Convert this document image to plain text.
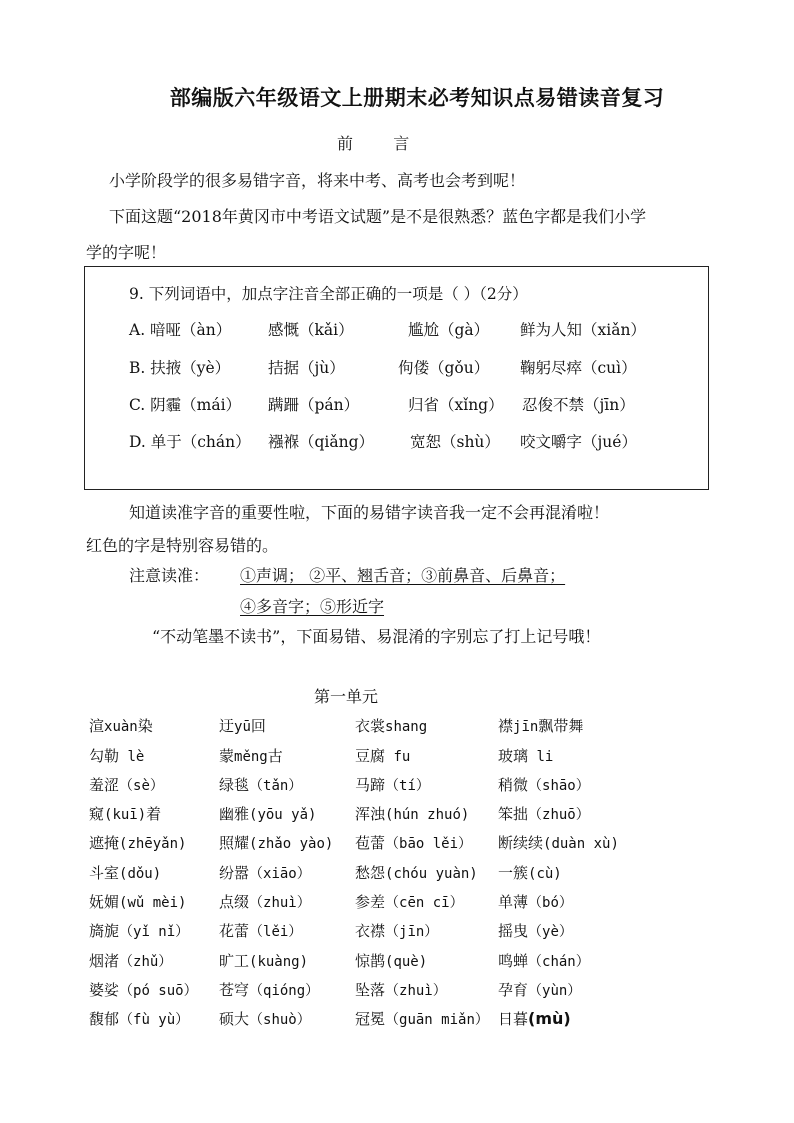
部编版六年级语文上册期末必考知识点易错读音复习
前	言
小学阶段学的很多易错字音，将来中考、高考也会考到呢！
下面这题“2018年黄冈市中考语文试题”是不是很熟悉？蓝色字都是我们小学
学的字呢！
9. 下列词语中，加点字注音全部正确的一项是（ ）（2分）
A. 喑哑（àn） 感慨（kǎi）	尴尬（gà） 鲜为人知（xiǎn）
B. 扶掖（yè） 拮据（jù）	佝偻（gǒu） 鞠躬尽瘁（cuì）
C. 阴霾（mái） 蹒跚（pán）	归省（xǐng） 忍俊不禁（jīn）
D. 单于（chán） 襁褓（qiǎng） 宽恕（shù） 咬文嚼字（jué）
知道读准字音的重要性啦，下面的易错字读音我一定不会再混淆啦！
红色的字是特别容易错的。
注意读准： ①声调； ②平、翘舌音；③前鼻音、后鼻音；
④多音字；⑤形近字
“不动笔墨不读书”，下面易错、易混淆的字别忘了打上记号哦！
第一单元
渲xuàn染	迂yū回	衣裳shang	襟jīn飘带舞
勾勒 lè	蒙měng古	豆腐 fu	玻璃 li
羞涩（sè）	绿毯（tǎn）	马蹄（tí）	稍微（shāo）
窥(kuī)着	幽雅(yōu yǎ)	浑浊(hún zhuó) 笨拙（zhuō）
遮掩(zhēyǎn) 照耀(zhǎo yào) 苞蕾（bāo lěi） 断续续(duàn xù)
斗室(dǒu)	纷嚣（xiāo）	愁怨(chóu yuàn) 一簇(cù)
妩媚(wǔ mèi) 点缀（zhuì）	参差（cēn cī） 单薄（bó）
旖旎（yǐ nǐ） 花蕾（lěi）	衣襟（jīn）	摇曳（yè）
烟渚（zhǔ）	旷工(kuàng)	惊鹊(què)	鸣蝉（chán）
婆娑（pó suō） 苍穹（qióng） 坠落（zhuì）	孕育（yùn）
馥郁（fù yù） 硕大（shuò）	冠冕（guān miǎn） 日暮(mù)
